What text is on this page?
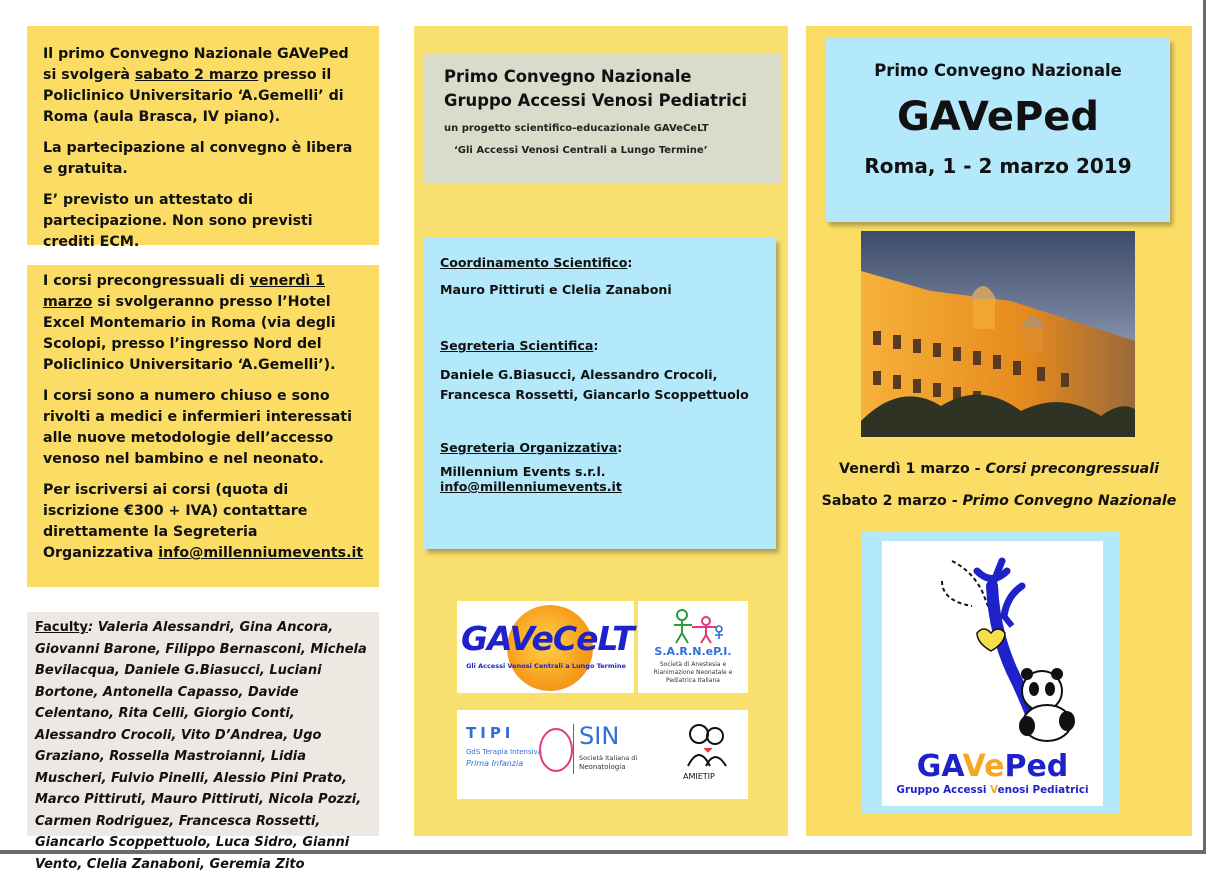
Il primo Convegno Nazionale GAVePed si svolgerà sabato 2 marzo presso il Policlinico Universitario ‘A.Gemelli’ di Roma (aula Brasca, IV piano).

La partecipazione al convegno è libera e gratuita.

E’ previsto un attestato di partecipazione. Non sono previsti crediti ECM.

I corsi precongressuali di venerdì 1 marzo si svolgeranno presso l’Hotel Excel Montemario in Roma (via degli Scolopi, presso l’ingresso Nord del Policlinico Universitario ‘A.Gemelli’).

I corsi sono a numero chiuso e sono rivolti a medici e infermieri interessati alle nuove metodologie dell’accesso venoso nel bambino e nel neonato.

Per iscriversi ai corsi (quota di iscrizione €300 + IVA) contattare direttamente la Segreteria Organizzativa info@millenniumevents.it

Faculty: Valeria Alessandri, Gina Ancora, Giovanni Barone, Filippo Bernasconi, Michela Bevilacqua, Daniele G.Biasucci, Luciani Bortone, Antonella Capasso, Davide Celentano, Rita Celli, Giorgio Conti, Alessandro Crocoli, Vito D’Andrea, Ugo Graziano, Rossella Mastroianni, Lidia Muscheri, Fulvio Pinelli, Alessio Pini Prato, Marco Pittiruti, Mauro Pittiruti, Nicola Pozzi, Carmen Rodriguez, Francesca Rossetti, Giancarlo Scoppettuolo, Luca Sidro, Gianni Vento, Clelia Zanaboni, Geremia Zito

Primo Convegno Nazionale

Gruppo Accessi Venosi Pediatrici

un progetto scientifico-educazionale GAVeCeLT

‘Gli Accessi Venosi Centrali a Lungo Termine’

Coordinamento Scientifico:

Mauro Pittiruti e Clelia Zanaboni

Segreteria Scientifica:

Daniele G.Biasucci, Alessandro Crocoli, Francesca Rossetti, Giancarlo Scoppettuolo

Segreteria Organizzativa:

Millennium Events s.r.l.

info@millenniumevents.it

GAVeCeLT
Gli Accessi Venosi Centrali a Lungo Termine
S.A.R.N.eP.I.
Società di Anestesia e Rianimazione Neonatale e Pediatrica Italiana
TIPI
GdS Terapia Intensiva
Prima Infanzia
SIN
Società Italiana di
Neonatologia
AMIETIP

Primo Convegno Nazionale

GAVePed

Roma, 1 - 2 marzo 2019

Venerdì 1 marzo - Corsi precongressuali

Sabato 2 marzo - Primo Convegno Nazionale

GAVePed
Gruppo Accessi Venosi Pediatrici
